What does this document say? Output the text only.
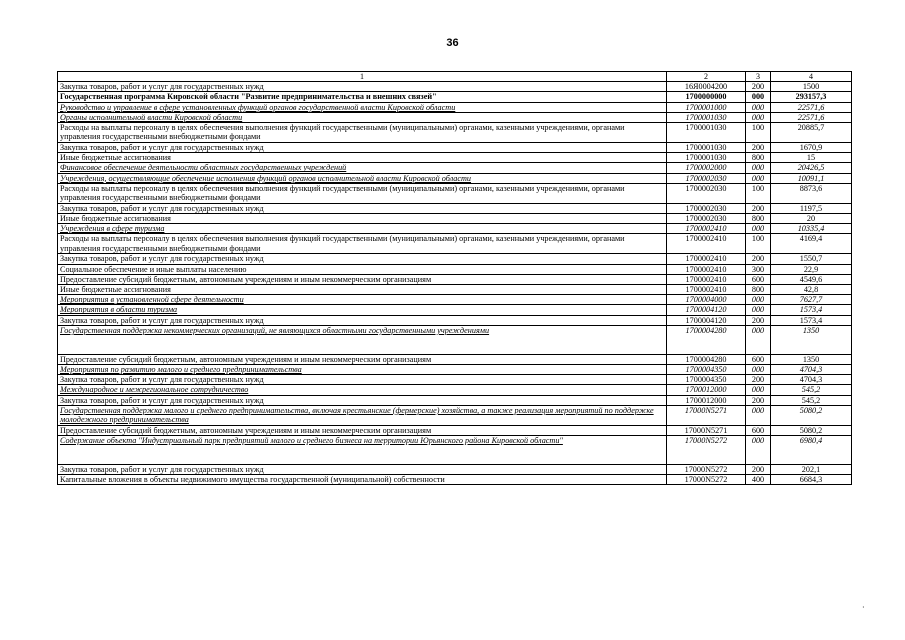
36
1	2	3	4
Закупка товаров, работ и услуг для государственных нужд	16Я0004200	200	1500
Государственная программа Кировской области "Развитие предпринимательства и внешних связей"	1700000000	000	293157,3
Руководство и управление в сфере установленных функций органов государственной власти Кировской области	1700001000	000	22571,6
Органы исполнительной власти Кировской области	1700001030	000	22571,6
Расходы на выплаты персоналу в целях обеспечения выполнения функций государственными (муниципальными) органами, казенными учреждениями, органами управления государственными внебюджетными фондами	1700001030	100	20885,7
Закупка товаров, работ и услуг для государственных нужд	1700001030	200	1670,9
Иные бюджетные ассигнования	1700001030	800	15
Финансовое обеспечение деятельности областных государственных учреждений	1700002000	000	20426,5
Учреждения, осуществляющие обеспечение исполнения функций органов исполнительной власти Кировской области	1700002030	000	10091,1
Расходы на выплаты персоналу в целях обеспечения выполнения функций государственными (муниципальными) органами, казенными учреждениями, органами управления государственными внебюджетными фондами	1700002030	100	8873,6
Закупка товаров, работ и услуг для государственных нужд	1700002030	200	1197,5
Иные бюджетные ассигнования	1700002030	800	20
Учреждения в сфере туризма	1700002410	000	10335,4
Расходы на выплаты персоналу в целях обеспечения выполнения функций государственными (муниципальными) органами, казенными учреждениями, органами управления государственными внебюджетными фондами	1700002410	100	4169,4
Закупка товаров, работ и услуг для государственных нужд	1700002410	200	1550,7
Социальное обеспечение и иные выплаты населению	1700002410	300	22,9
Предоставление субсидий бюджетным, автономным учреждениям и иным некоммерческим организациям	1700002410	600	4549,6
Иные бюджетные ассигнования	1700002410	800	42,8
Мероприятия в установленной сфере деятельности	1700004000	000	7627,7
Мероприятия в области туризма	1700004120	000	1573,4
Закупка товаров, работ и услуг для государственных нужд	1700004120	200	1573,4
Государственная поддержка некоммерческих организаций, не являющихся областными государственными учреждениями	1700004280	000	1350
Предоставление субсидий бюджетным, автономным учреждениям и иным некоммерческим организациям	1700004280	600	1350
Мероприятия по развитию малого и среднего предпринимательства	1700004350	000	4704,3
Закупка товаров, работ и услуг для государственных нужд	1700004350	200	4704,3
Международное и межрегиональное сотрудничество	1700012000	000	545,2
Закупка товаров, работ и услуг для государственных нужд	1700012000	200	545,2
Государственная поддержка малого и среднего предпринимательства, включая крестьянские (фермерские) хозяйства, а также реализация мероприятий по поддержке молодежного предпринимательства	17000N5271	000	5080,2
Предоставление субсидий бюджетным, автономным учреждениям и иным некоммерческим организациям	17000N5271	600	5080,2
Содержание объекта "Индустриальный парк предприятий малого и среднего бизнеса на территории Юрьянского района Кировской области"	17000N5272	000	6980,4
Закупка товаров, работ и услуг для государственных нужд	17000N5272	200	202,1
Капитальные вложения в объекты недвижимого имущества государственной (муниципальной) собственности	17000N5272	400	6684,3
·
